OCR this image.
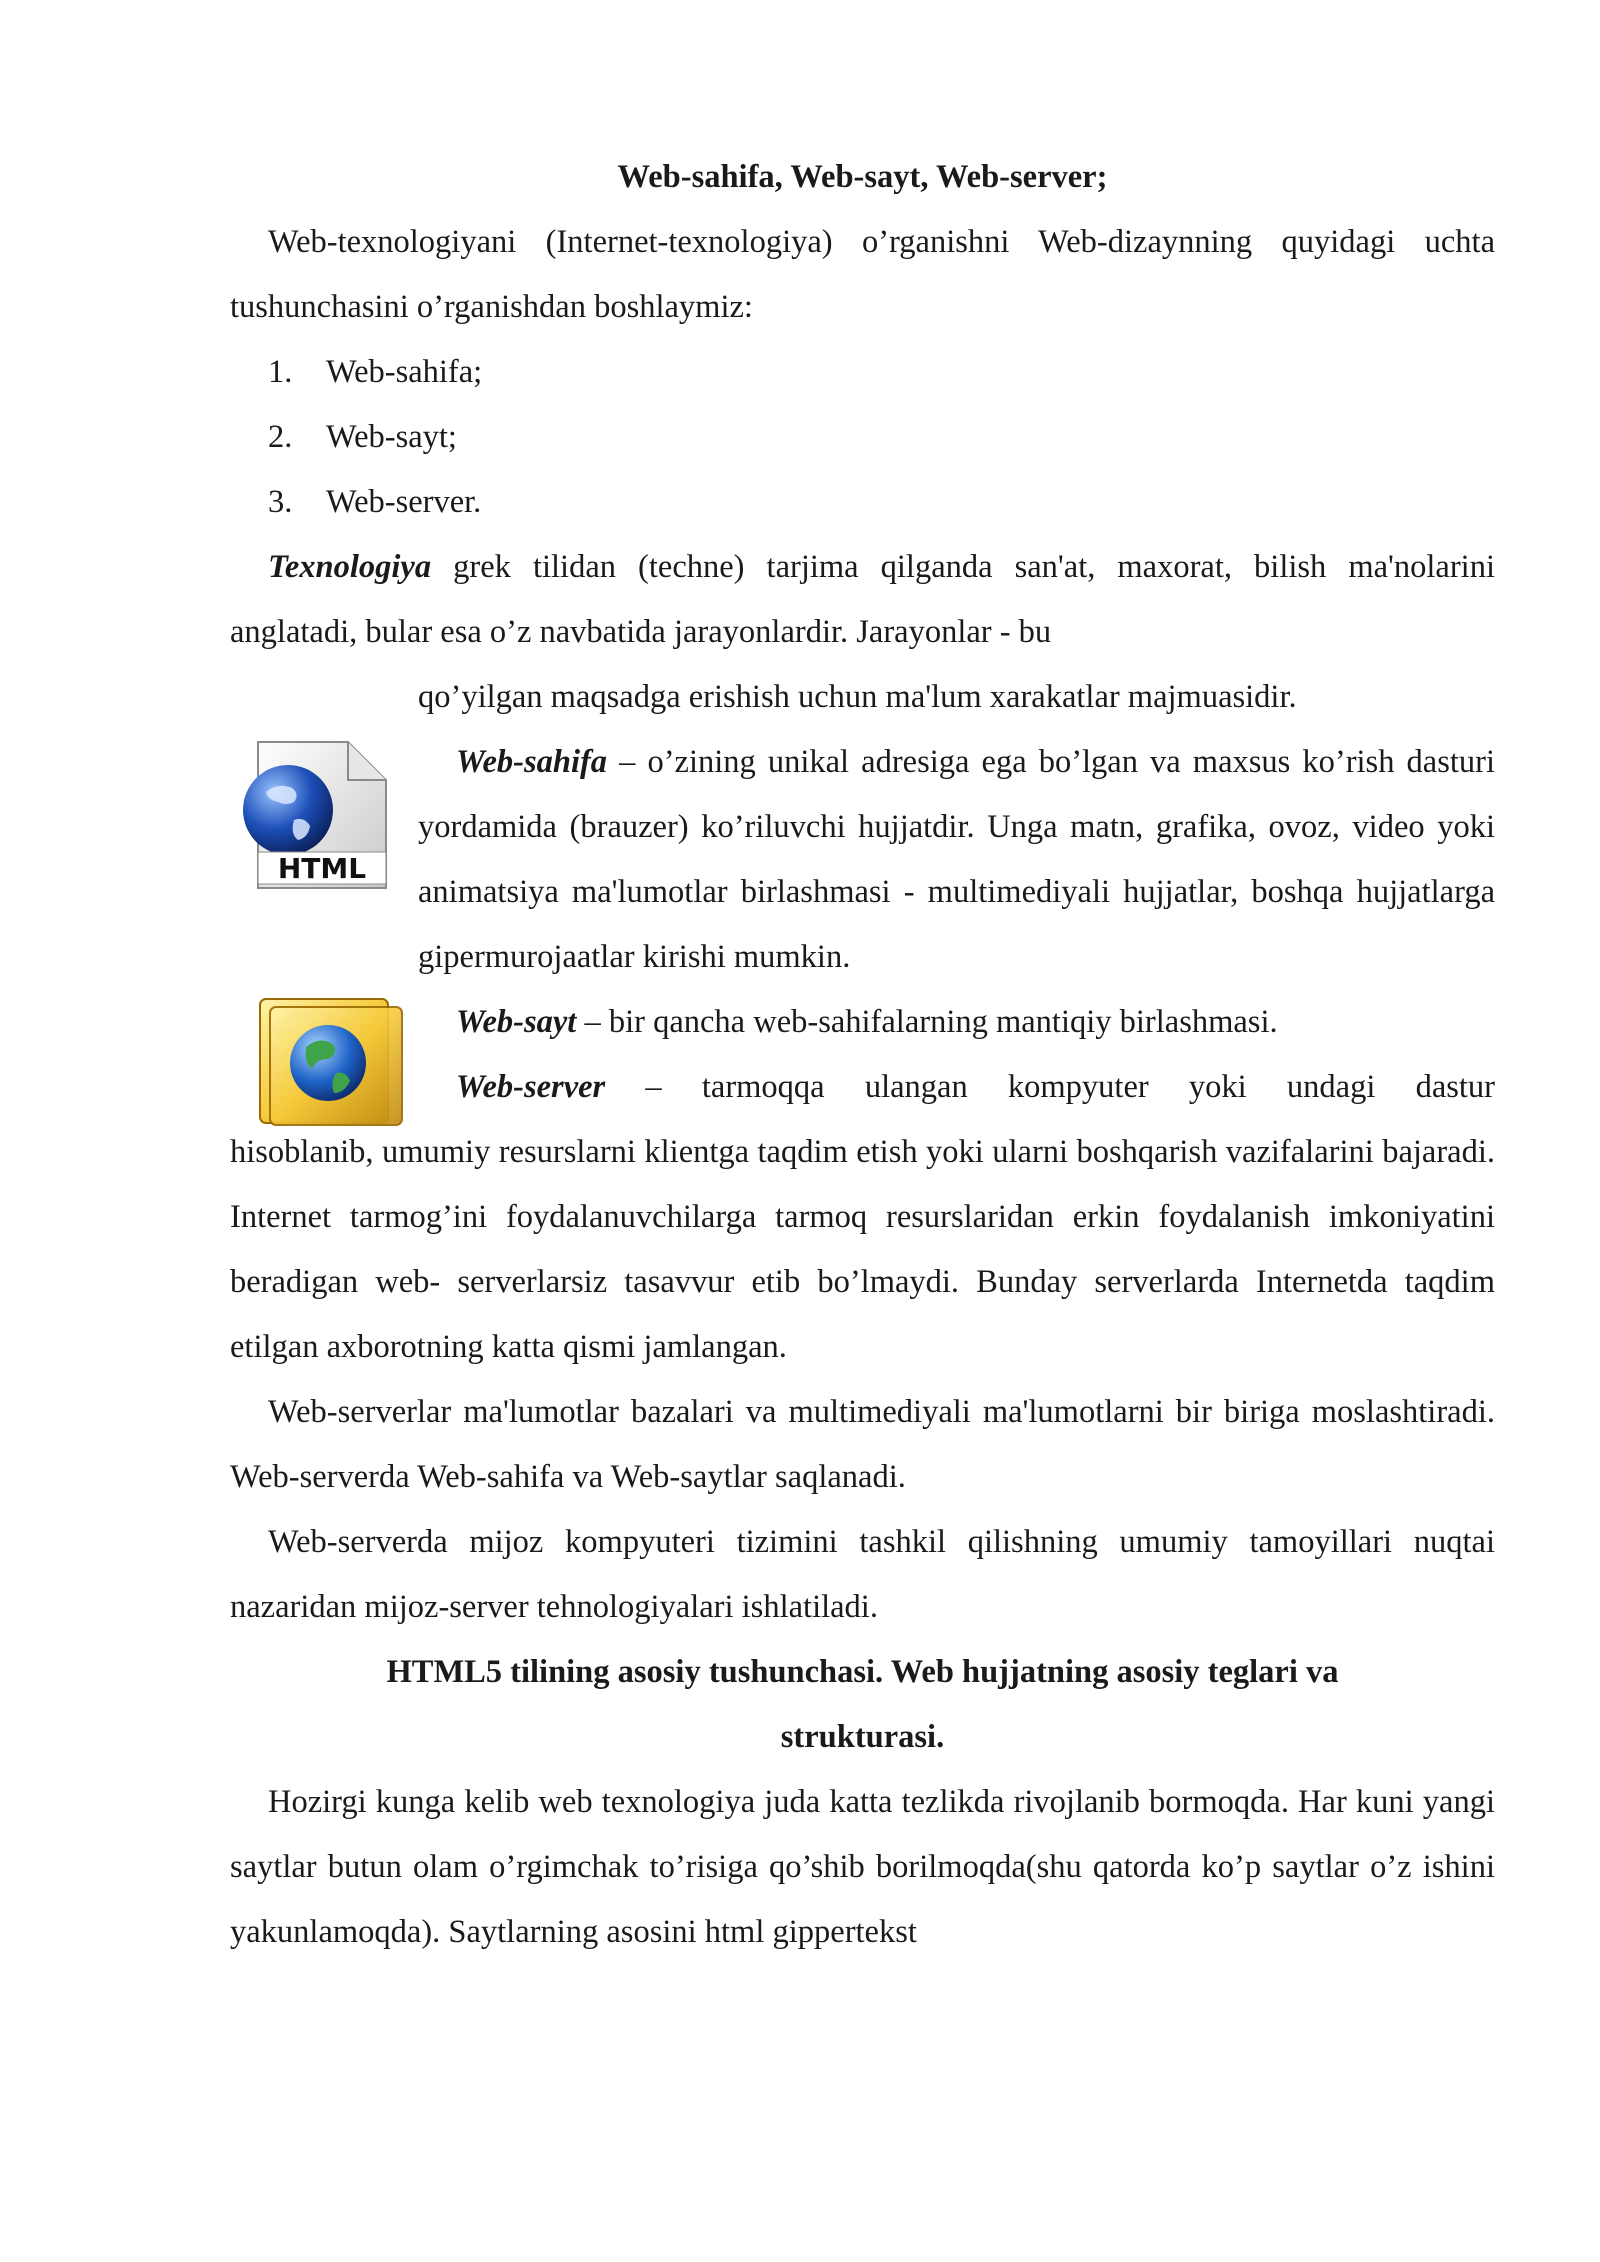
HTML

Web-sahifa, Web-sayt, Web-server;

Web-texnologiyani (Internet-texnologiya) o’rganishni Web-dizaynning quyidagi uchta tushunchasini o’rganishdan boshlaymiz:

1. Web-sahifa;
2. Web-sayt;
3. Web-server.

Texnologiya grek tilidan (techne) tarjima qilganda san'at, maxorat, bilish ma'nolarini anglatadi, bular esa o’z navbatida jarayonlardir. Jarayonlar - bu

qo’yilgan maqsadga erishish uchun ma'lum xarakatlar majmuasidir.

Web-sahifa – o’zining unikal adresiga ega bo’lgan va maxsus ko’rish dasturi yordamida (brauzer) ko’riluvchi hujjatdir. Unga matn, grafika, ovoz, video yoki animatsiya ma'lumotlar birlashmasi - multimediyali hujjatlar, boshqa hujjatlarga gipermurojaatlar kirishi mumkin.

Web-sayt – bir qancha web-sahifalarning mantiqiy birlashmasi.

Web-server – tarmoqqa ulangan kompyuter yoki undagi dastur

hisoblanib, umumiy resurslarni klientga taqdim etish yoki ularni boshqarish vazifalarini bajaradi. Internet tarmog’ini foydalanuvchilarga tarmoq resurslaridan erkin foydalanish imkoniyatini beradigan web- serverlarsiz tasavvur etib bo’lmaydi. Bunday serverlarda Internetda taqdim etilgan axborotning katta qismi jamlangan.

Web-serverlar ma'lumotlar bazalari va multimediyali ma'lumotlarni bir biriga moslashtiradi. Web-serverda Web-sahifa va Web-saytlar saqlanadi.

Web-serverda mijoz kompyuteri tizimini tashkil qilishning umumiy tamoyillari nuqtai nazaridan mijoz-server tehnologiyalari ishlatiladi.

HTML5 tilining asosiy tushunchasi. Web hujjatning asosiy teglari va

strukturasi.

Hozirgi kunga kelib web texnologiya juda katta tezlikda rivojlanib bormoqda. Har kuni yangi saytlar butun olam o’rgimchak to’risiga qo’shib borilmoqda(shu qatorda ko’p saytlar o’z ishini yakunlamoqda). Saytlarning asosini html gippertekst
